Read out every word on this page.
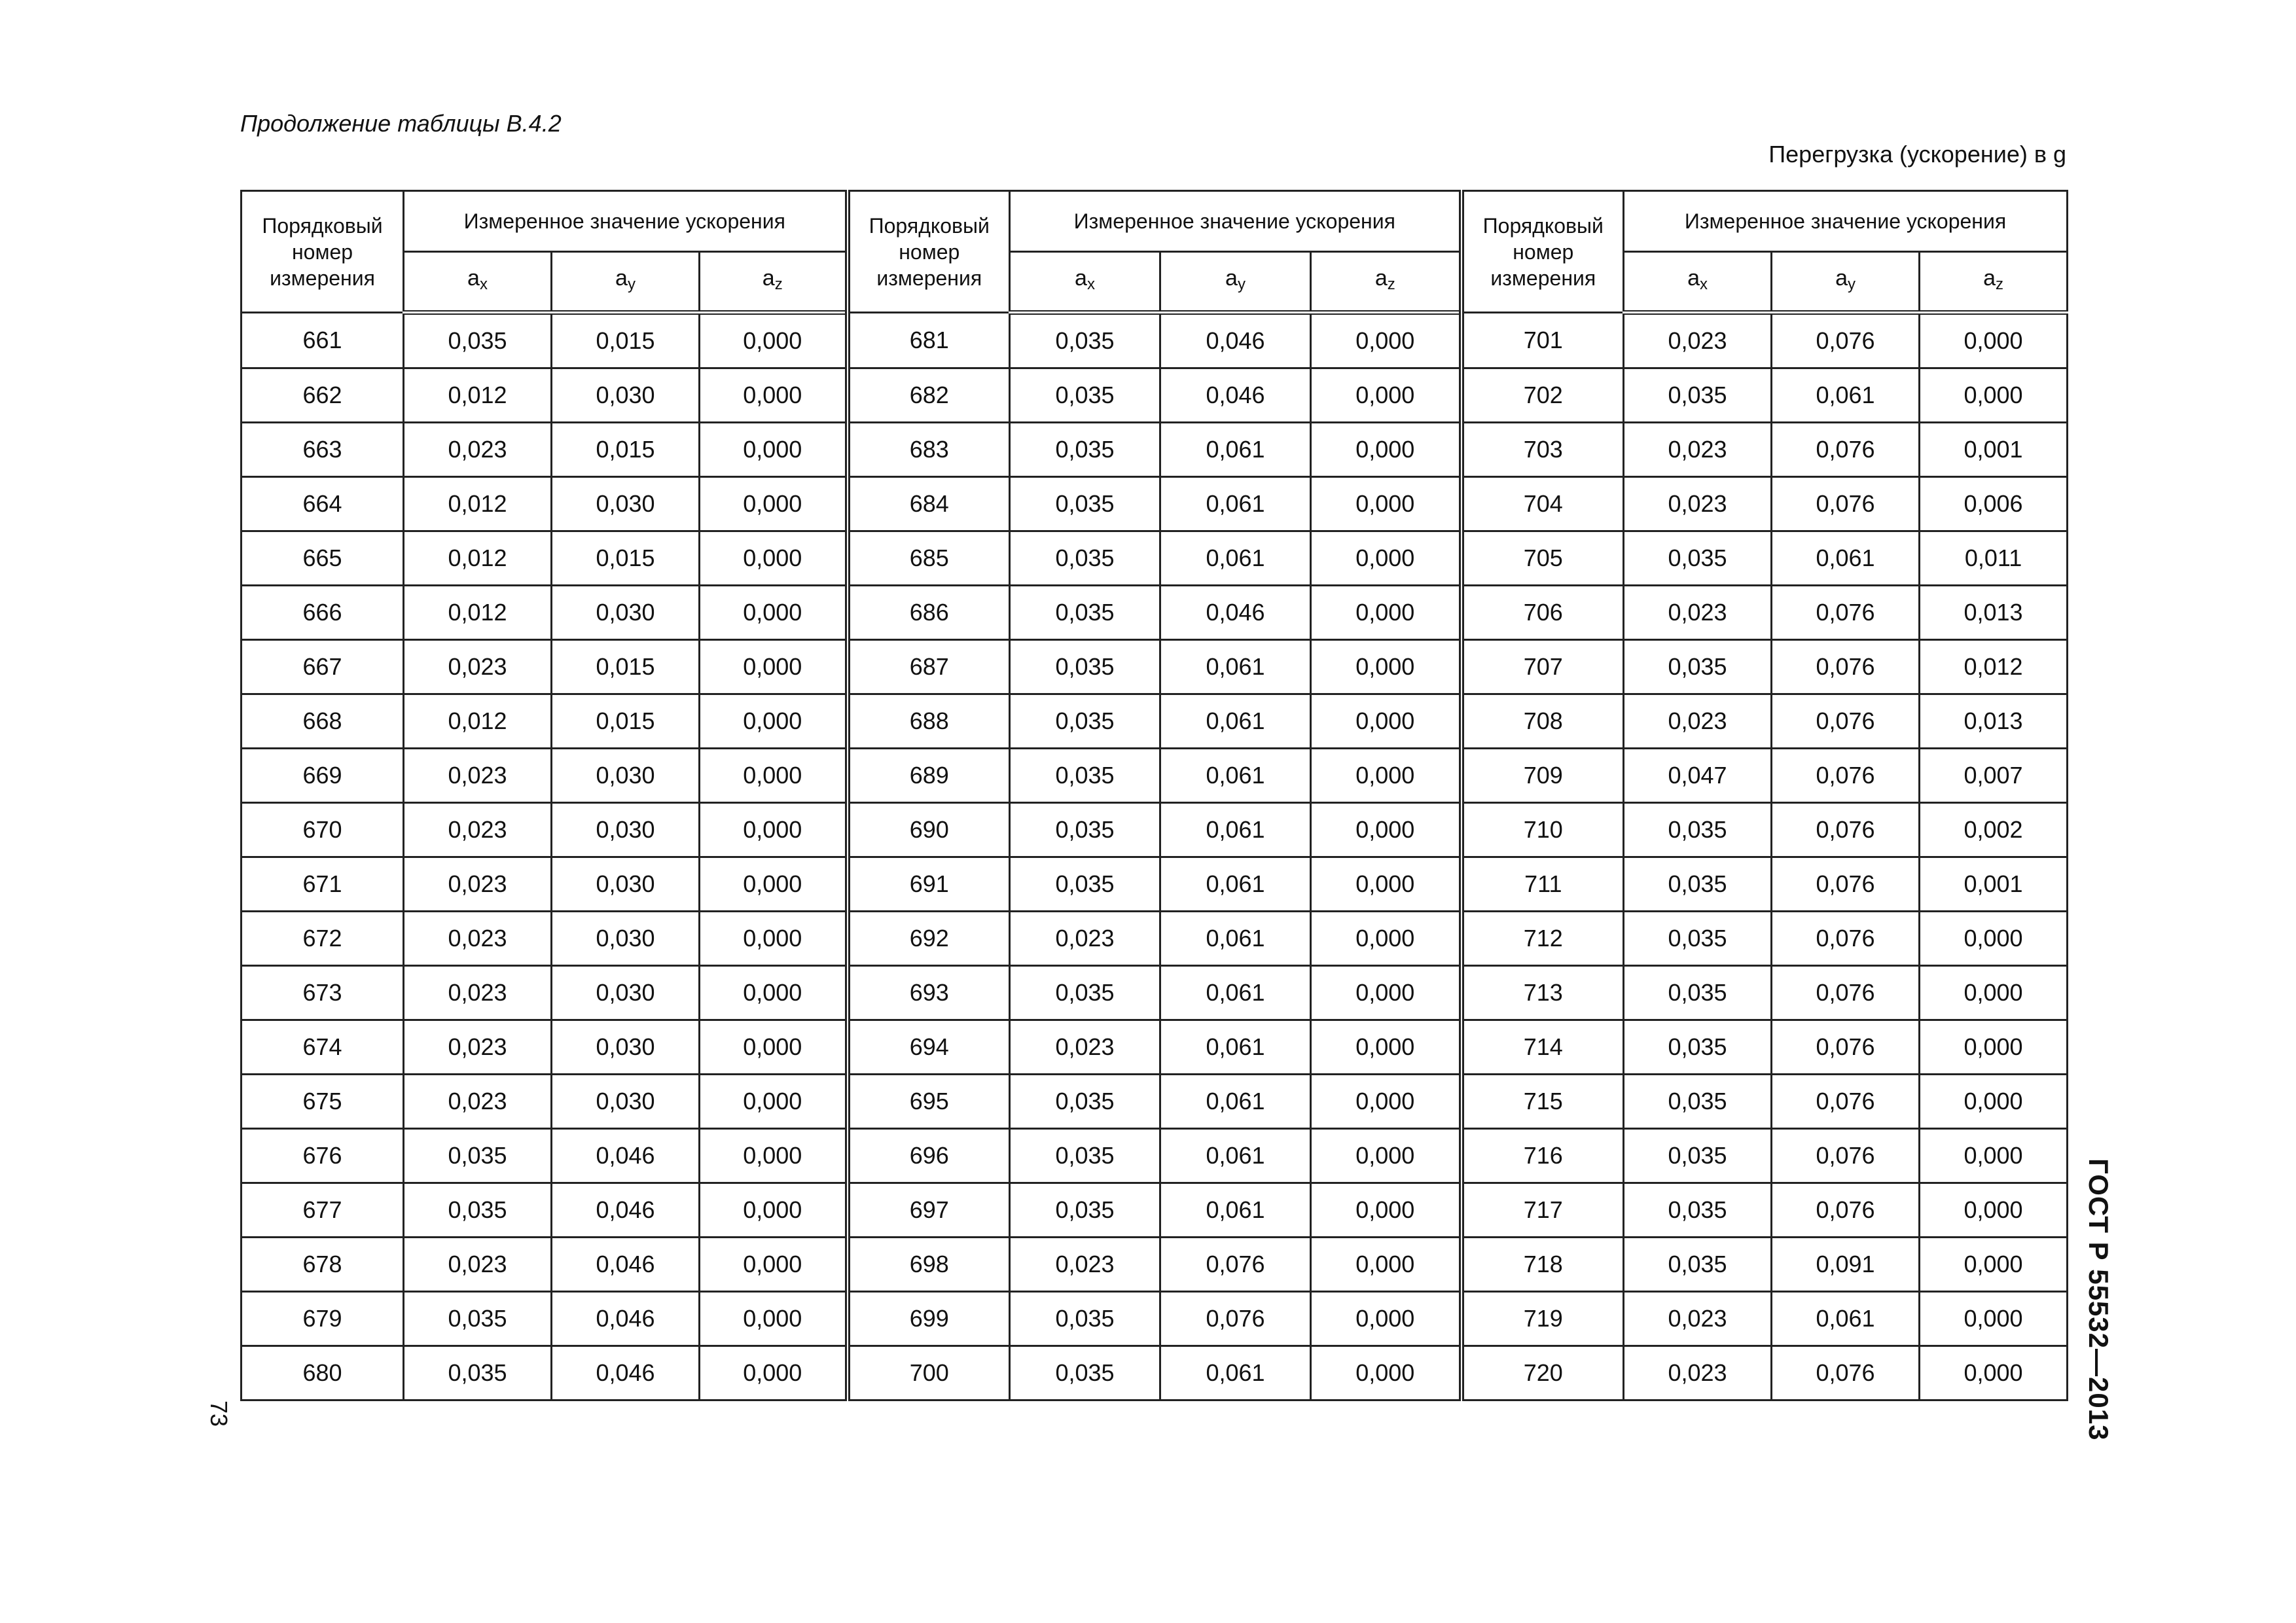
Продолжение таблицы В.4.2
Перегрузка (ускорение) в g
Порядковый номер измерения	Измеренное значение ускорения			Порядковый номер измерения	Измеренное значение ускорения			Порядковый номер измерения	Измеренное значение ускорения		
	$a_x$	$a_y$	$a_z$		$a_x$	$a_y$	$a_z$		$a_x$	$a_y$	$a_z$
661	0,035	0,015	0,000	681	0,035	0,046	0,000	701	0,023	0,076	0,000
662	0,012	0,030	0,000	682	0,035	0,046	0,000	702	0,035	0,061	0,000
663	0,023	0,015	0,000	683	0,035	0,061	0,000	703	0,023	0,076	0,001
664	0,012	0,030	0,000	684	0,035	0,061	0,000	704	0,023	0,076	0,006
665	0,012	0,015	0,000	685	0,035	0,061	0,000	705	0,035	0,061	0,011
666	0,012	0,030	0,000	686	0,035	0,046	0,000	706	0,023	0,076	0,013
667	0,023	0,015	0,000	687	0,035	0,061	0,000	707	0,035	0,076	0,012
668	0,012	0,015	0,000	688	0,035	0,061	0,000	708	0,023	0,076	0,013
669	0,023	0,030	0,000	689	0,035	0,061	0,000	709	0,047	0,076	0,007
670	0,023	0,030	0,000	690	0,035	0,061	0,000	710	0,035	0,076	0,002
671	0,023	0,030	0,000	691	0,035	0,061	0,000	711	0,035	0,076	0,001
672	0,023	0,030	0,000	692	0,023	0,061	0,000	712	0,035	0,076	0,000
673	0,023	0,030	0,000	693	0,035	0,061	0,000	713	0,035	0,076	0,000
674	0,023	0,030	0,000	694	0,023	0,061	0,000	714	0,035	0,076	0,000
675	0,023	0,030	0,000	695	0,035	0,061	0,000	715	0,035	0,076	0,000
676	0,035	0,046	0,000	696	0,035	0,061	0,000	716	0,035	0,076	0,000
677	0,035	0,046	0,000	697	0,035	0,061	0,000	717	0,035	0,076	0,000
678	0,023	0,046	0,000	698	0,023	0,076	0,000	718	0,035	0,091	0,000
679	0,035	0,046	0,000	699	0,035	0,076	0,000	719	0,023	0,061	0,000
680	0,035	0,046	0,000	700	0,035	0,061	0,000	720	0,023	0,076	0,000	ГОСТ Р 55532—2013
73
